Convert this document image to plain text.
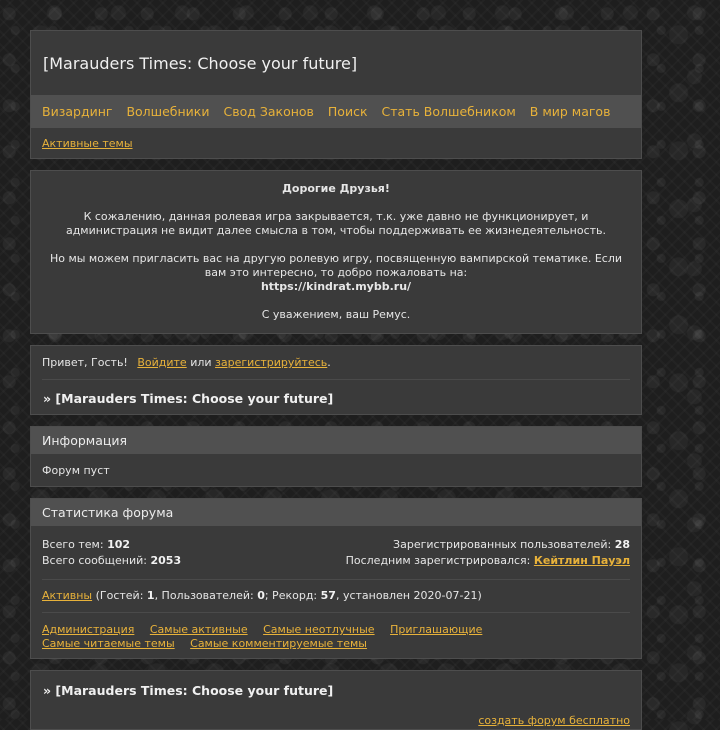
[Marauders Times: Choose your future]
Визардинг Волшебники Свод Законов Поиск Стать Волшебником В мир магов
Активные темы

Дорогие Друзья!

К сожалению, данная ролевая игра закрывается, т.к. уже давно не функционирует, и администрация не видит далее смысла в том, чтобы поддерживать ее жизнедеятельность.

Но мы можем пригласить вас на другую ролевую игру, посвященную вампирской тематике. Если вам это интересно, то добро пожаловать на:

https://kindrat.mybb.ru/

С уважением, ваш Ремус.

Привет, Гость! Войдите или зарегистрируйтесь.
» [Marauders Times: Choose your future]
Информация
Форум пуст
Статистика форума
Всего тем: 102	Зарегистрированных пользователей: 28
Всего сообщений: 2053	Последним зарегистрировался: Кейтлин Пауэл
Активны (Гостей: 1, Пользователей: 0; Рекорд: 57, установлен 2020-07-21)
Администрация Самые активные Самые неотлучные Приглашающие Самые читаемые темы Самые комментируемые темы
» [Marauders Times: Choose your future]
создать форум бесплатно
